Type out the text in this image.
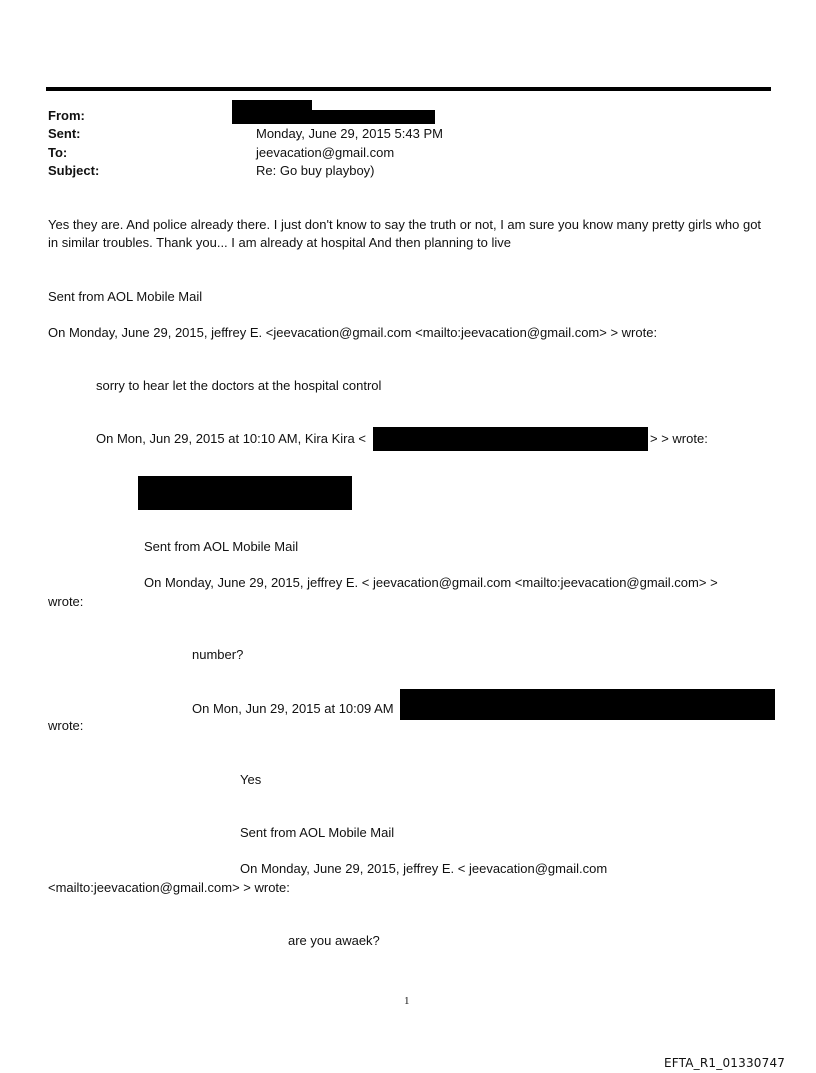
From:
Sent:
To:
Subject:
Monday, June 29, 2015 5:43 PM
jeevacation@gmail.com
Re: Go buy playboy)
Yes they are. And police already there. I just don't know to say the truth or not, I am sure you know many pretty girls who got in similar troubles. Thank you... I am already at hospital And then planning to live
Sent from AOL Mobile Mail
On Monday, June 29, 2015, jeffrey E. <jeevacation@gmail.com <mailto:jeevacation@gmail.com> > wrote:
sorry to hear let the doctors at the hospital control
On Mon, Jun 29, 2015 at 10:10 AM, Kira Kira <	> > wrote:
Sent from AOL Mobile Mail
On Monday, June 29, 2015, jeffrey E. < jeevacation@gmail.com <mailto:jeevacation@gmail.com> >
wrote:
number?
On Mon, Jun 29, 2015 at 10:09 AM
wrote:
Yes
Sent from AOL Mobile Mail
On Monday, June 29, 2015, jeffrey E. < jeevacation@gmail.com
<mailto:jeevacation@gmail.com> > wrote:
are you awaek?
1
EFTA_R1_01330747
